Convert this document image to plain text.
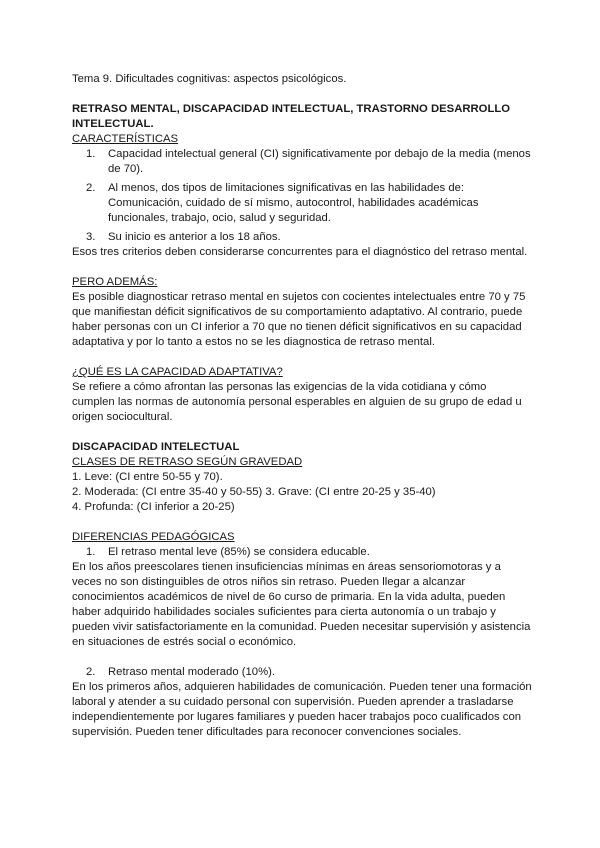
Tema 9. Dificultades cognitivas: aspectos psicológicos.

RETRASO MENTAL, DISCAPACIDAD INTELECTUAL, TRASTORNO DESARROLLO INTELECTUAL.

CARACTERÍSTICAS

1.	Capacidad intelectual general (CI) significativamente por debajo de la media (menos de 70).
2.	Al menos, dos tipos de limitaciones significativas en las habilidades de: Comunicación, cuidado de sí mismo, autocontrol, habilidades académicas funcionales, trabajo, ocio, salud y seguridad.
3.	Su inicio es anterior a los 18 años.

Esos tres criterios deben considerarse concurrentes para el diagnóstico del retraso mental.

PERO ADEMÁS:

Es posible diagnosticar retraso mental en sujetos con cocientes intelectuales entre 70 y 75 que manifiestan déficit significativos de su comportamiento adaptativo. Al contrario, puede haber personas con un CI inferior a 70 que no tienen déficit significativos en su capacidad adaptativa y por lo tanto a estos no se les diagnostica de retraso mental.

¿QUÉ ES LA CAPACIDAD ADAPTATIVA?

Se refiere a cómo afrontan las personas las exigencias de la vida cotidiana y cómo cumplen las normas de autonomía personal esperables en alguien de su grupo de edad u origen sociocultural.

DISCAPACIDAD INTELECTUAL

CLASES DE RETRASO SEGÚN GRAVEDAD

1. Leve: (CI entre 50-55 y 70).

2. Moderada: (CI entre 35-40 y 50-55) 3. Grave: (CI entre 20-25 y 35-40)

4. Profunda: (CI inferior a 20-25)

DIFERENCIAS PEDAGÓGICAS

1.	El retraso mental leve (85%) se considera educable.

En los años preescolares tienen insuficiencias mínimas en áreas sensoriomotoras y a veces no son distinguibles de otros niños sin retraso. Pueden llegar a alcanzar conocimientos académicos de nivel de 6o curso de primaria. En la vida adulta, pueden haber adquirido habilidades sociales suficientes para cierta autonomía o un trabajo y pueden vivir satisfactoriamente en la comunidad. Pueden necesitar supervisión y asistencia en situaciones de estrés social o económico.

2.	Retraso mental moderado (10%).

En los primeros años, adquieren habilidades de comunicación. Pueden tener una formación laboral y atender a su cuidado personal con supervisión. Pueden aprender a trasladarse independientemente por lugares familiares y pueden hacer trabajos poco cualificados con supervisión. Pueden tener dificultades para reconocer convenciones sociales.
